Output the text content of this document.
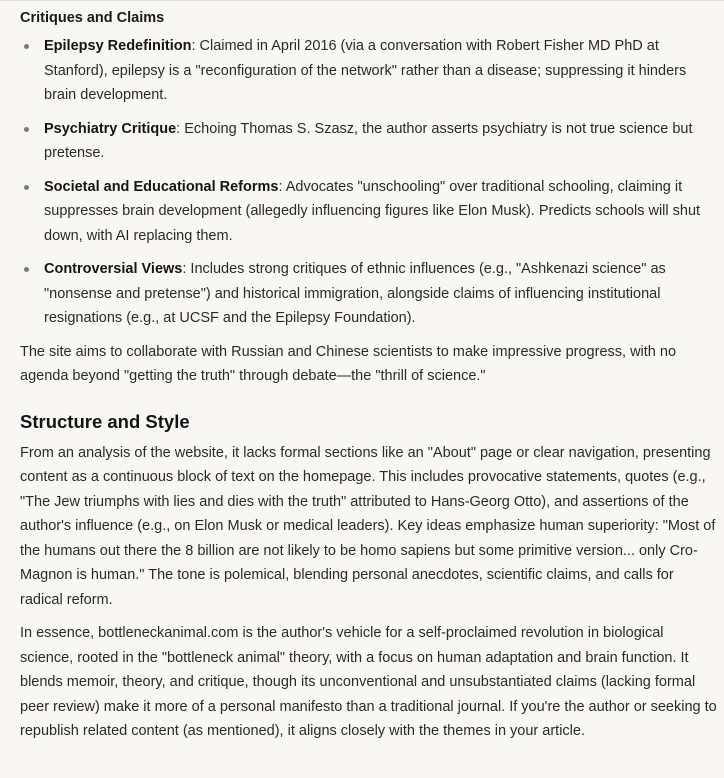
Critiques and Claims
Epilepsy Redefinition: Claimed in April 2016 (via a conversation with Robert Fisher MD PhD at Stanford), epilepsy is a "reconfiguration of the network" rather than a disease; suppressing it hinders brain development.
Psychiatry Critique: Echoing Thomas S. Szasz, the author asserts psychiatry is not true science but pretense.
Societal and Educational Reforms: Advocates "unschooling" over traditional schooling, claiming it suppresses brain development (allegedly influencing figures like Elon Musk). Predicts schools will shut down, with AI replacing them.
Controversial Views: Includes strong critiques of ethnic influences (e.g., "Ashkenazi science" as "nonsense and pretense") and historical immigration, alongside claims of influencing institutional resignations (e.g., at UCSF and the Epilepsy Foundation).

The site aims to collaborate with Russian and Chinese scientists to make impressive progress, with no agenda beyond "getting the truth" through debate—the "thrill of science."

Structure and Style

From an analysis of the website, it lacks formal sections like an "About" page or clear navigation, presenting content as a continuous block of text on the homepage. This includes provocative statements, quotes (e.g., "The Jew triumphs with lies and dies with the truth" attributed to Hans-Georg Otto), and assertions of the author's influence (e.g., on Elon Musk or medical leaders). Key ideas emphasize human superiority: "Most of the humans out there the 8 billion are not likely to be homo sapiens but some primitive version... only Cro-Magnon is human." The tone is polemical, blending personal anecdotes, scientific claims, and calls for radical reform.

In essence, bottleneckanimal.com is the author's vehicle for a self-proclaimed revolution in biological science, rooted in the "bottleneck animal" theory, with a focus on human adaptation and brain function. It blends memoir, theory, and critique, though its unconventional and unsubstantiated claims (lacking formal peer review) make it more of a personal manifesto than a traditional journal. If you're the author or seeking to republish related content (as mentioned), it aligns closely with the themes in your article.
